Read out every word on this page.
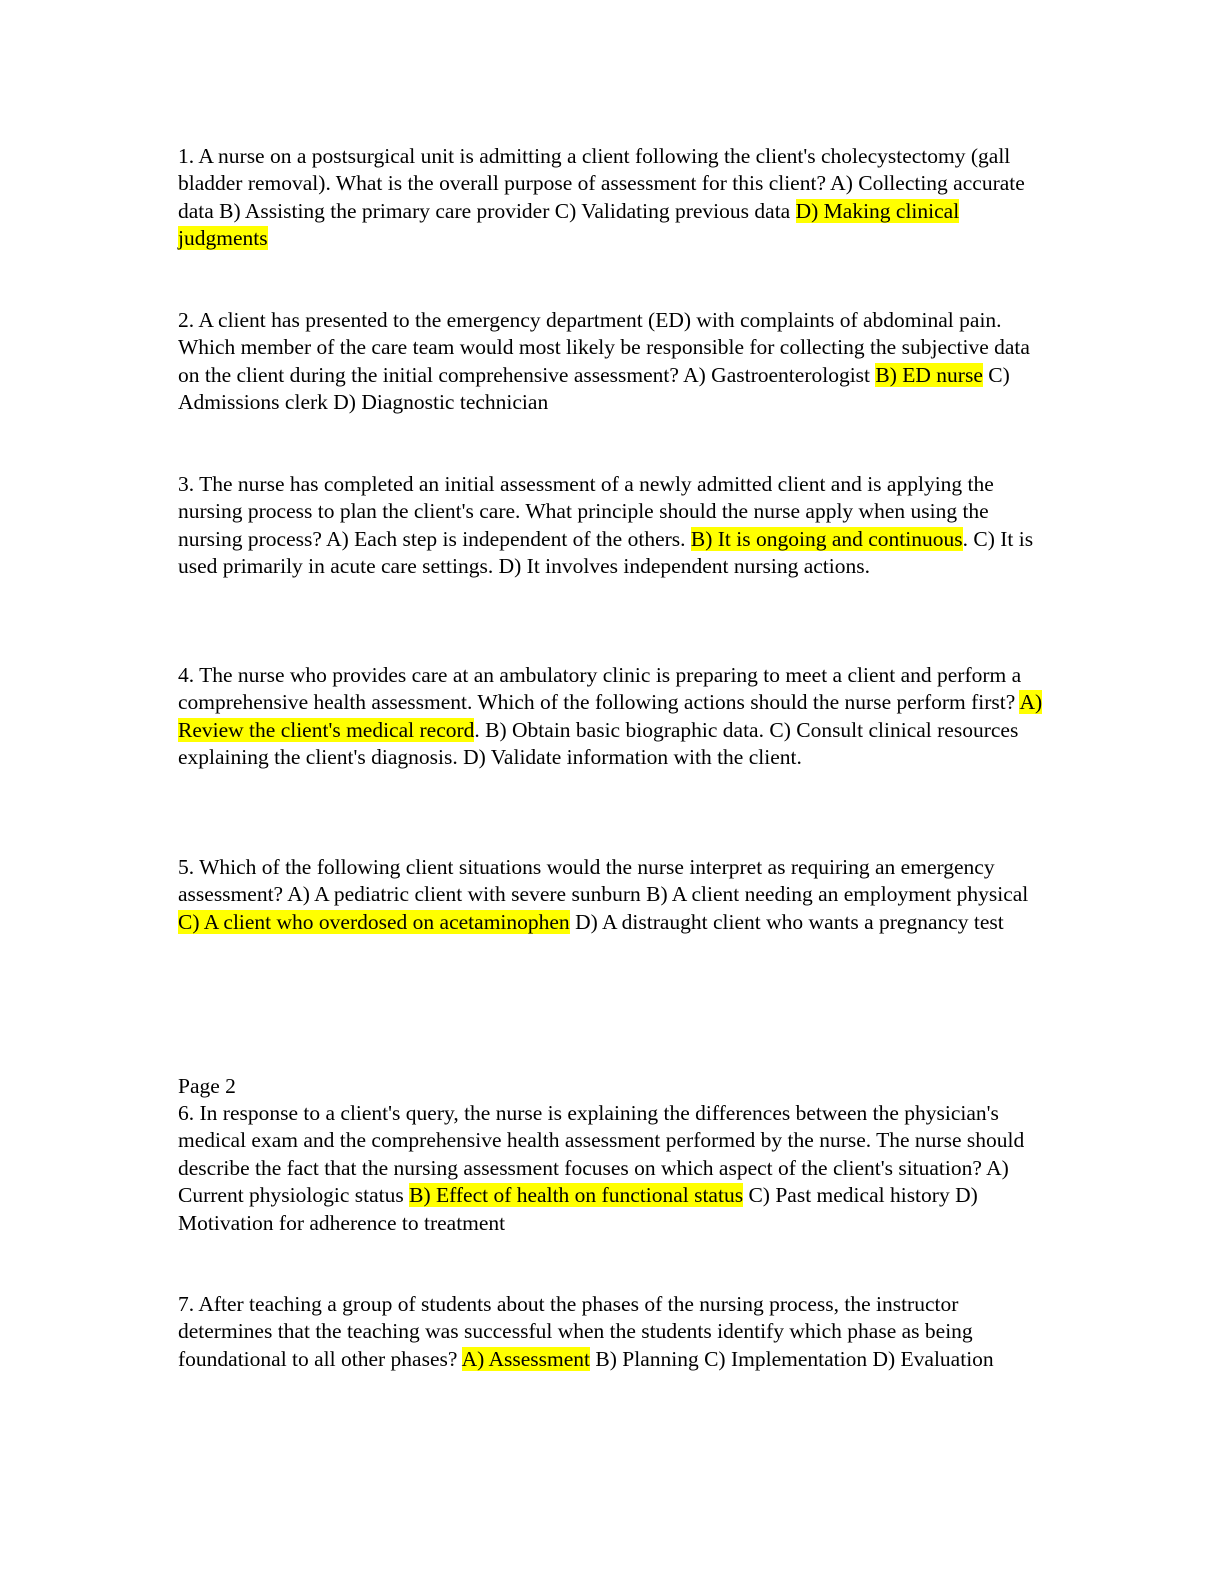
1. A nurse on a postsurgical unit is admitting a client following the client's cholecystectomy (gall bladder removal). What is the overall purpose of assessment for this client? A) Collecting accurate data B) Assisting the primary care provider C) Validating previous data D) Making clinical judgments

2. A client has presented to the emergency department (ED) with complaints of abdominal pain. Which member of the care team would most likely be responsible for collecting the subjective data on the client during the initial comprehensive assessment? A) Gastroenterologist B) ED nurse C) Admissions clerk D) Diagnostic technician

3. The nurse has completed an initial assessment of a newly admitted client and is applying the nursing process to plan the client's care. What principle should the nurse apply when using the nursing process? A) Each step is independent of the others. B) It is ongoing and continuous. C) It is used primarily in acute care settings. D) It involves independent nursing actions.

4. The nurse who provides care at an ambulatory clinic is preparing to meet a client and perform a comprehensive health assessment. Which of the following actions should the nurse perform first? A) Review the client's medical record. B) Obtain basic biographic data. C) Consult clinical resources explaining the client's diagnosis. D) Validate information with the client.

5. Which of the following client situations would the nurse interpret as requiring an emergency assessment? A) A pediatric client with severe sunburn B) A client needing an employment physical C) A client who overdosed on acetaminophen D) A distraught client who wants a pregnancy test

Page 2

6. In response to a client's query, the nurse is explaining the differences between the physician's medical exam and the comprehensive health assessment performed by the nurse. The nurse should describe the fact that the nursing assessment focuses on which aspect of the client's situation? A) Current physiologic status B) Effect of health on functional status C) Past medical history D) Motivation for adherence to treatment

7. After teaching a group of students about the phases of the nursing process, the instructor determines that the teaching was successful when the students identify which phase as being foundational to all other phases? A) Assessment B) Planning C) Implementation D) Evaluation
